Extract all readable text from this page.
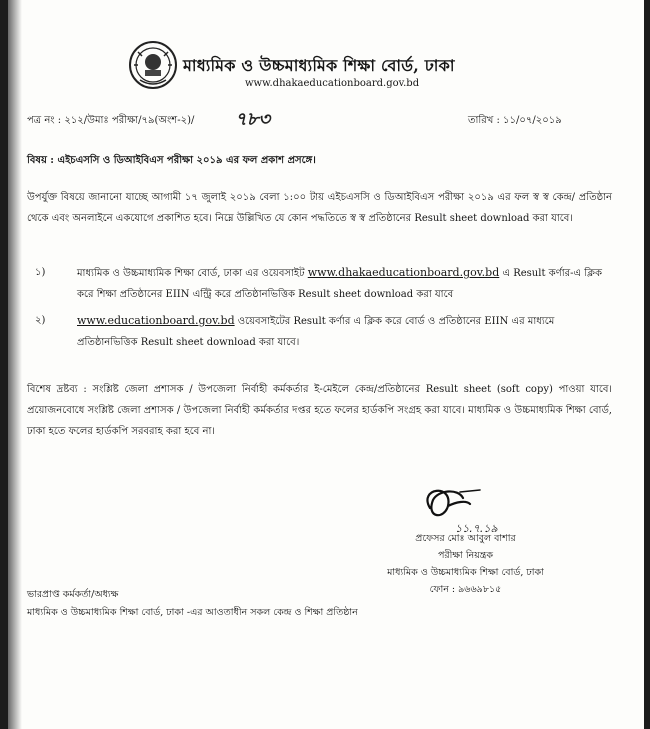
মাধ্যমিক ও উচ্চমাধ্যমিক শিক্ষা বোর্ড, ঢাকা
www.dhakaeducationboard.gov.bd
পত্র নং : ২১২/উমাঃ পরীক্ষা/৭৯(অংশ-২)/ ৭৮৩	তারিখ : ১১/০৭/২০১৯
বিষয় : এইচএসসি ও ডিআইবিএস পরীক্ষা ২০১৯ এর ফল প্রকাশ প্রসঙ্গে।
উপর্যুক্ত বিষয়ে জানানো যাচ্ছে আগামী ১৭ জুলাই ২০১৯ বেলা ১:০০ টায় এইচএসসি ও ডিআইবিএস পরীক্ষা ২০১৯ এর ফল স্ব স্ব কেন্দ্র/ প্রতিষ্ঠান থেকে এবং অনলাইনে একযোগে প্রকাশিত হবে। নিম্নে উল্লিখিত যে কোন পদ্ধতিতে স্ব স্ব প্রতিষ্ঠানের Result sheet download করা যাবে।
১)	মাধ্যমিক ও উচ্চমাধ্যমিক শিক্ষা বোর্ড, ঢাকা এর ওয়েবসাইট www.dhakaeducationboard.gov.bd এ Result কর্ণার-এ ক্লিক করে শিক্ষা প্রতিষ্ঠানের EIIN এন্ট্রি করে প্রতিষ্ঠানভিত্তিক Result sheet download করা যাবে
২)	www.educationboard.gov.bd ওয়েবসাইটের Result কর্ণার এ ক্লিক করে বোর্ড ও প্রতিষ্ঠানের EIIN এর মাধ্যমে প্রতিষ্ঠানভিত্তিক Result sheet download করা যাবে।
বিশেষ দ্রষ্টব্য : সংশ্লিষ্ট জেলা প্রশাসক / উপজেলা নির্বাহী কর্মকর্তার ই-মেইলে কেন্দ্র/প্রতিষ্ঠানের Result sheet (soft copy) পাওয়া যাবে। প্রয়োজনবোধে সংশ্লিষ্ট জেলা প্রশাসক / উপজেলা নির্বাহী কর্মকর্তার দপ্তর হতে ফলের হার্ডকপি সংগ্রহ করা যাবে। মাধ্যমিক ও উচ্চমাধ্যমিক শিক্ষা বোর্ড, ঢাকা হতে ফলের হার্ডকপি সরবরাহ করা হবে না।
১১.৭.১৯
প্রফেসর মোঃ আবুল বাশার
পরীক্ষা নিয়ন্ত্রক
মাধ্যমিক ও উচ্চমাধ্যমিক শিক্ষা বোর্ড, ঢাকা
ফোন : ৯৬৬৯৮১৫
ভারপ্রাপ্ত কর্মকর্তা/অধ্যক্ষ
মাধ্যমিক ও উচ্চমাধ্যমিক শিক্ষা বোর্ড, ঢাকা -এর আওতাধীন সকল কেন্দ্র ও শিক্ষা প্রতিষ্ঠান
